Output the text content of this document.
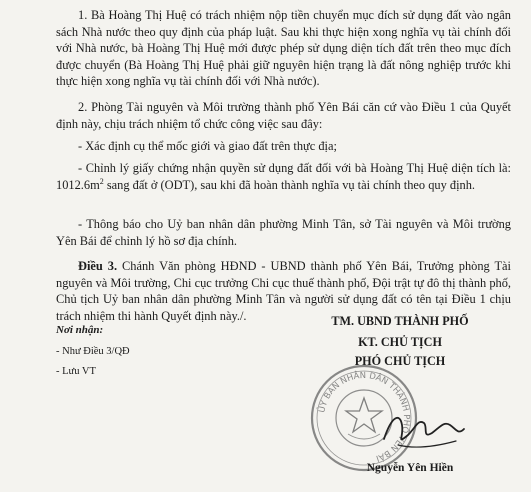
1. Bà Hoàng Thị Huệ có trách nhiệm nộp tiền chuyển mục đích sử dụng đất vào ngân sách Nhà nước theo quy định của pháp luật. Sau khi thực hiện xong nghĩa vụ tài chính đối với Nhà nước, bà Hoàng Thị Huệ mới được phép sử dụng diện tích đất trên theo mục đích được chuyển (Bà Hoàng Thị Huệ phải giữ nguyên hiện trạng là đất nông nghiệp trước khi thực hiện xong nghĩa vụ tài chính đối với Nhà nước).

2. Phòng Tài nguyên và Môi trường thành phố Yên Bái căn cứ vào Điều 1 của Quyết định này, chịu trách nhiệm tổ chức công việc sau đây:

- Xác định cụ thể mốc giới và giao đất trên thực địa;

- Chỉnh lý giấy chứng nhận quyền sử dụng đất đối với bà Hoàng Thị Huệ diện tích là: $1012.6m^2$ sang đất ở (ODT), sau khi đã hoàn thành nghĩa vụ tài chính theo quy định.

- Thông báo cho Uỷ ban nhân dân phường Minh Tân, sở Tài nguyên và Môi trường Yên Bái để chỉnh lý hồ sơ địa chính.

Điều 3. Chánh Văn phòng HĐND - UBND thành phố Yên Bái, Trưởng phòng Tài nguyên và Môi trường, Chi cục trưởng Chi cục thuế thành phố, Đội trật tự đô thị thành phố, Chủ tịch Uỷ ban nhân dân phường Minh Tân và người sử dụng đất có tên tại Điều 1 chịu trách nhiệm thi hành Quyết định này./.

Nơi nhận:
- Như Điều 3/QĐ
- Lưu VT
TM. UBND THÀNH PHỐ
KT. CHỦ TỊCH
PHÓ CHỦ TỊCH
ỦY BAN NHÂN DÂN THÀNH PHỐ YÊN BÁI
Nguyễn Yên Hiền
